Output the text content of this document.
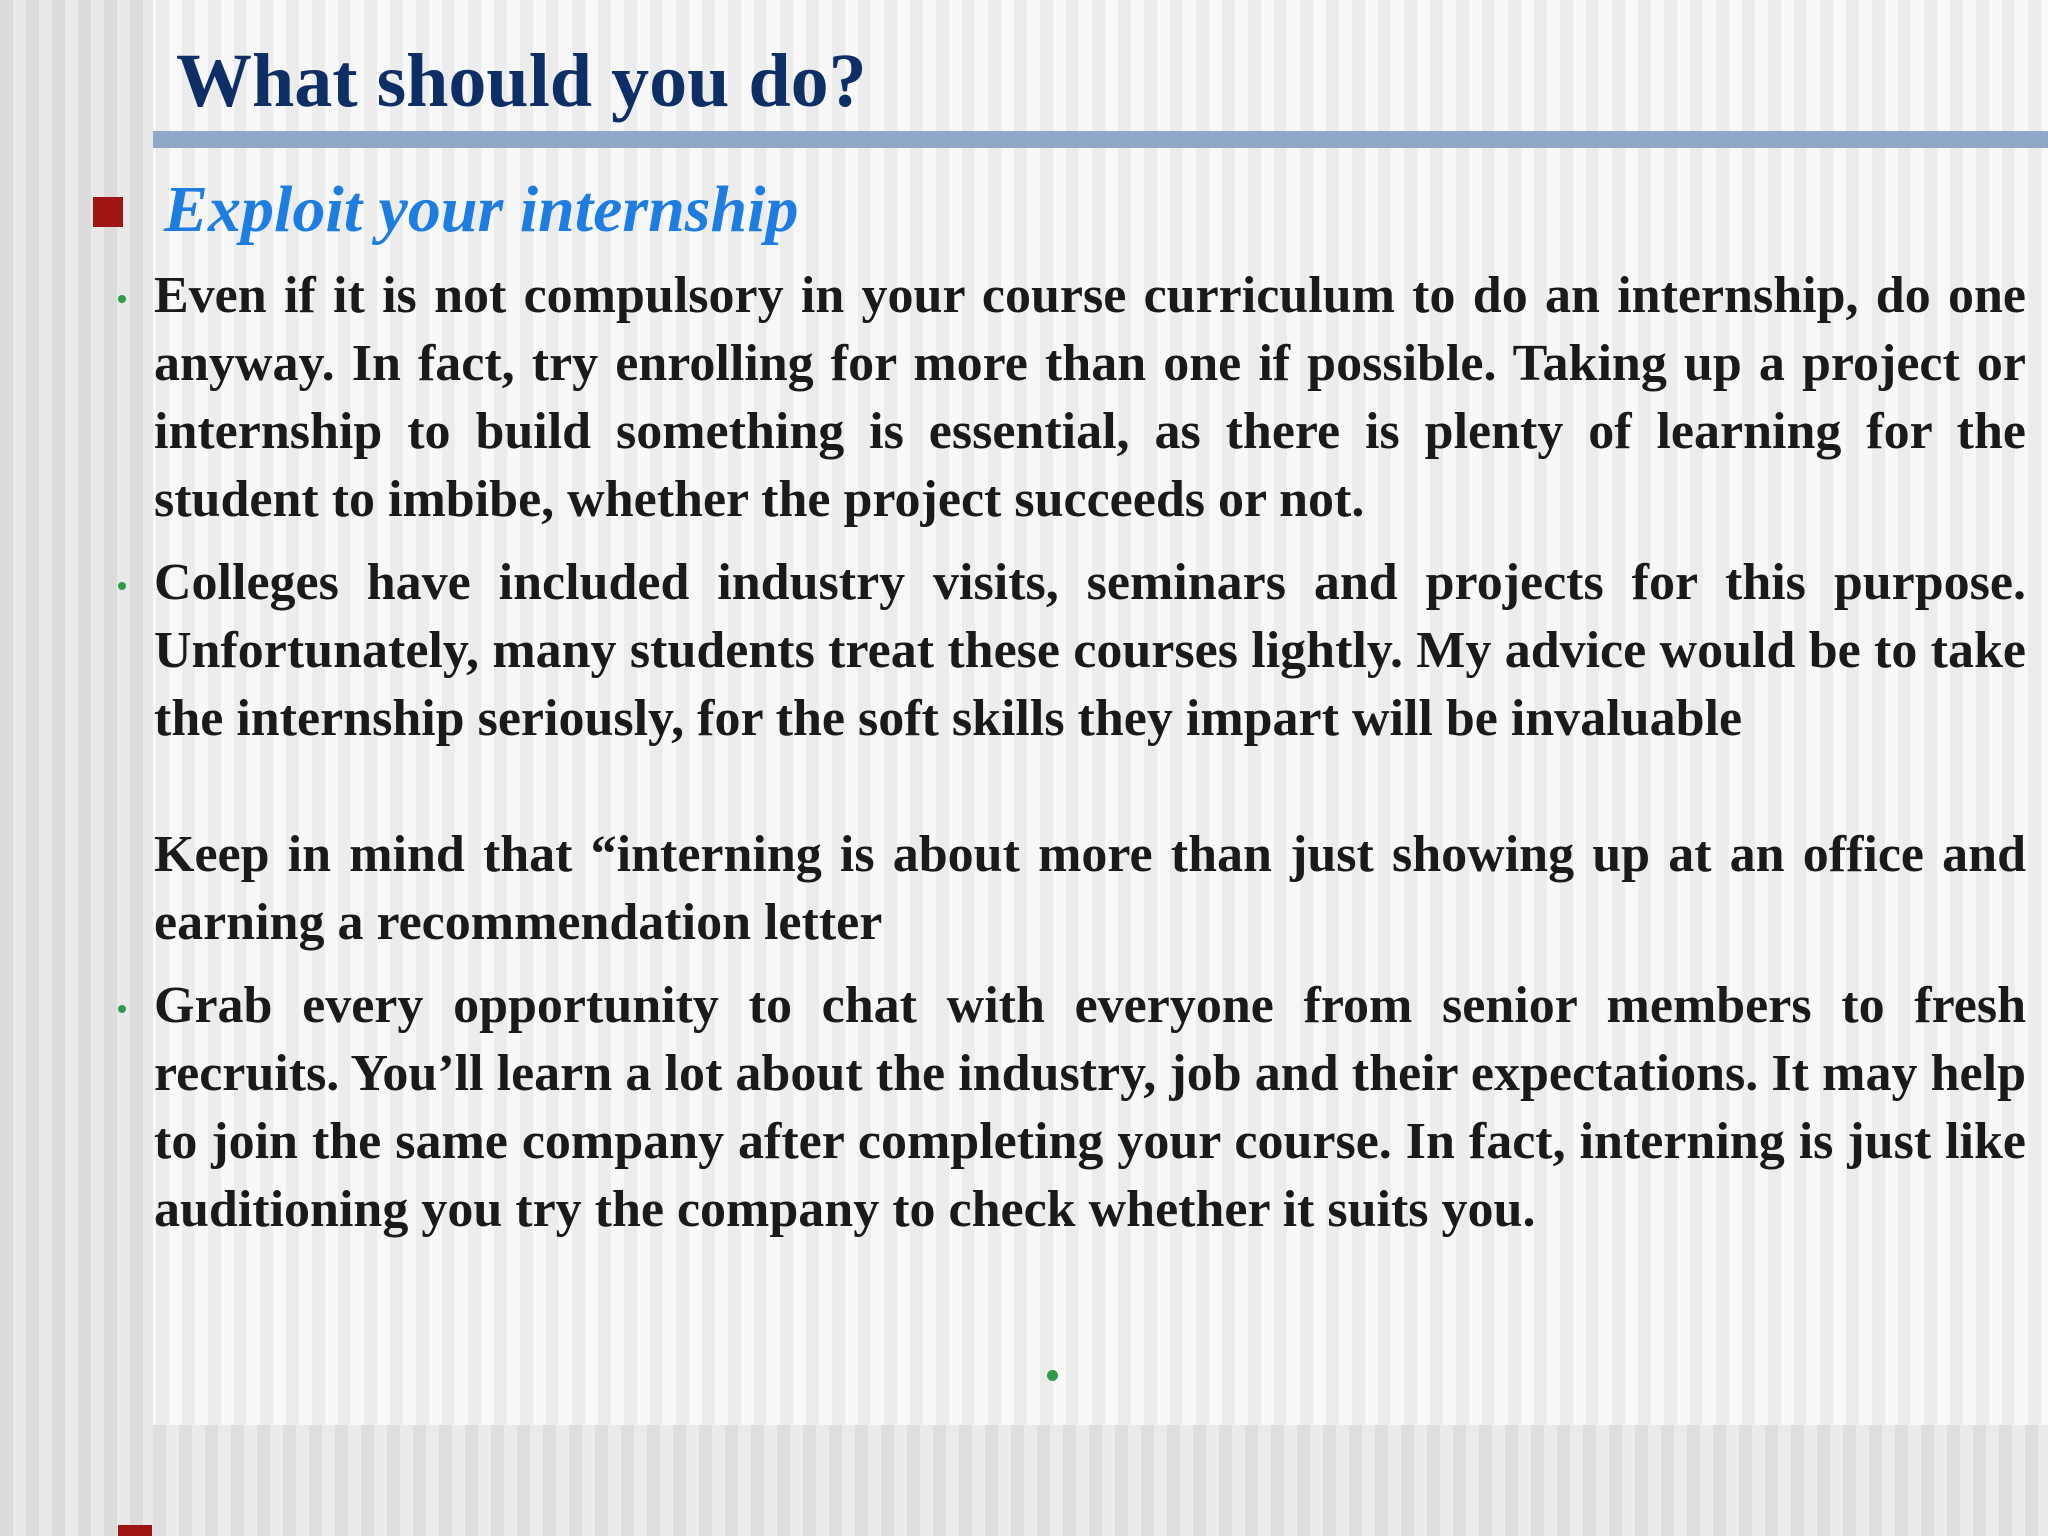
What should you do?
Exploit your internship

Even if it is not compulsory in your course curriculum to do an internship, do one anyway. In fact, try enrolling for more than one if possible. Taking up a project or internship to build something is essential, as there is plenty of learning for the student to imbibe, whether the project succeeds or not.

Colleges have included industry visits, seminars and projects for this purpose. Unfortunately, many students treat these courses lightly. My advice would be to take the internship seriously, for the soft skills they impart will be invaluable

Keep in mind that “interning is about more than just showing up at an office and earning a recommendation letter

Grab every opportunity to chat with everyone from senior members to fresh recruits. You’ll learn a lot about the industry, job and their expectations. It may help to join the same company after completing your course. In fact, interning is just like auditioning you try the company to check whether it suits you.
